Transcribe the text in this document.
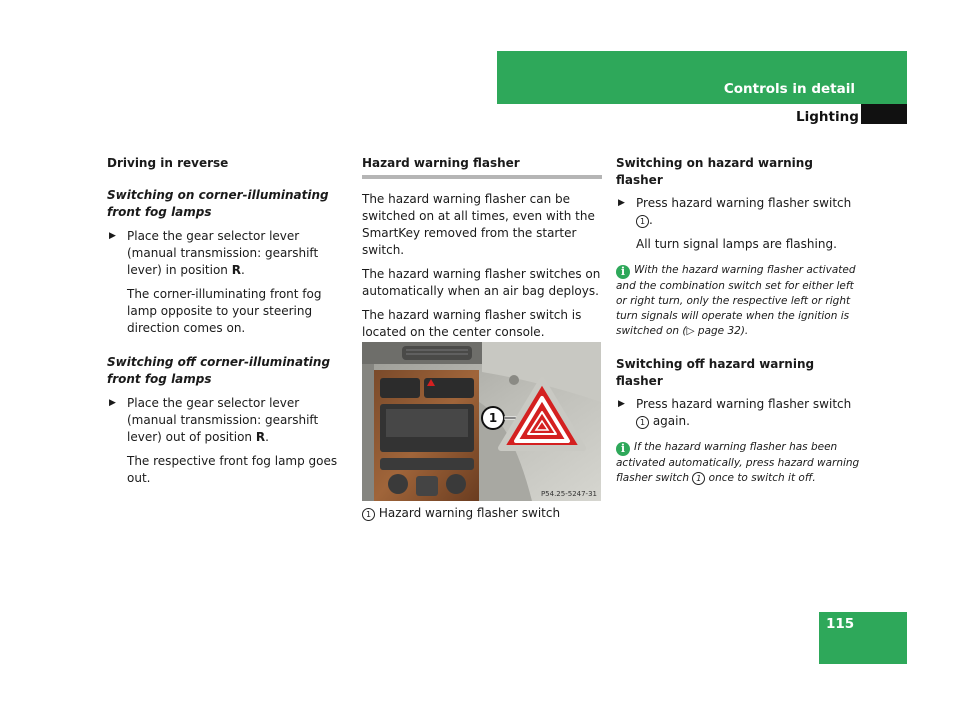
Controls in detail
Lighting
Driving in reverse
Switching on corner-illuminating front fog lamps
▶ Place the gear selector lever (manual transmission: gearshift lever) in position R.
The corner-illuminating front fog lamp opposite to your steering direction comes on.
Switching off corner-illuminating front fog lamps
▶ Place the gear selector lever (manual transmission: gearshift lever) out of position R.
The respective front fog lamp goes out.
Hazard warning flasher

The hazard warning flasher can be switched on at all times, even with the SmartKey removed from the starter switch.

The hazard warning flasher switches on automatically when an air bag deploys.

The hazard warning flasher switch is located on the center console.

1
P54.25-5247-31
1 Hazard warning flasher switch
Switching on hazard warning flasher
▶ Press hazard warning flasher switch 1 .
All turn signal lamps are flashing.
i With the hazard warning flasher activated and the combination switch set for either left or right turn, only the respective left or right turn signals will operate when the ignition is switched on (▷ page 32).
Switching off hazard warning flasher
▶ Press hazard warning flasher switch 1 again.
i If the hazard warning flasher has been activated automatically, press hazard warning flasher switch 1 once to switch it off.
115
